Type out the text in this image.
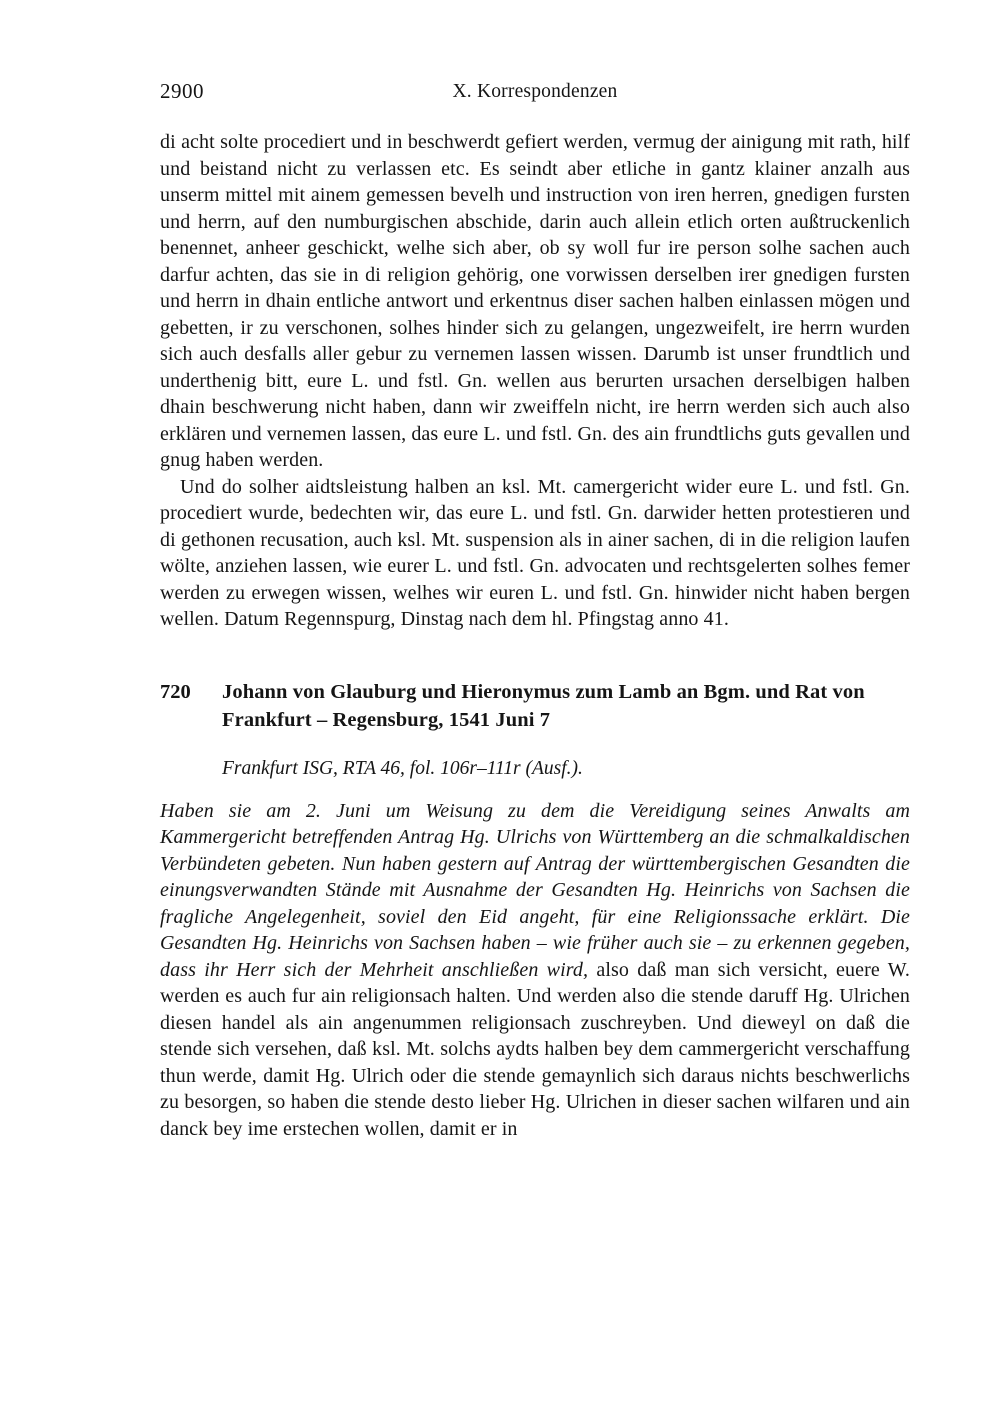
2900	X. Korrespondenzen

di acht solte procediert und in beschwerdt gefiert werden, vermug der ainigung mit rath, hilf und beistand nicht zu verlassen etc. Es seindt aber etliche in gantz klainer anzalh aus unserm mittel mit ainem gemessen bevelh und instruction von iren herren, gnedigen fursten und herrn, auf den numburgischen abschide, darin auch allein etlich orten außtruckenlich benennet, anheer geschickt, welhe sich aber, ob sy woll fur ire person solhe sachen auch darfur achten, das sie in di religion gehörig, one vorwissen derselben irer gnedigen fursten und herrn in dhain entliche antwort und erkentnus diser sachen halben einlassen mögen und gebetten, ir zu verschonen, solhes hinder sich zu gelangen, ungezweifelt, ire herrn wurden sich auch desfalls aller gebur zu vernemen lassen wissen. Darumb ist unser frundtlich und underthenig bitt, eure L. und fstl. Gn. wellen aus berurten ursachen derselbigen halben dhain beschwerung nicht haben, dann wir zweiffeln nicht, ire herrn werden sich auch also erklären und vernemen lassen, das eure L. und fstl. Gn. des ain frundtlichs guts gevallen und gnug haben werden.

Und do solher aidtsleistung halben an ksl. Mt. camergericht wider eure L. und fstl. Gn. procediert wurde, bedechten wir, das eure L. und fstl. Gn. darwider hetten protestieren und di gethonen recusation, auch ksl. Mt. suspension als in ainer sachen, di in die religion laufen wölte, anziehen lassen, wie eurer L. und fstl. Gn. advocaten und rechtsgelerten solhes femer werden zu erwegen wissen, welhes wir euren L. und fstl. Gn. hinwider nicht haben bergen wellen. Datum Regennspurg, Dinstag nach dem hl. Pfingstag anno 41.

720	Johann von Glauburg und Hieronymus zum Lamb an Bgm. und Rat von Frankfurt – Regensburg, 1541 Juni 7

Frankfurt ISG, RTA 46, fol. 106r–111r (Ausf.).

Haben sie am 2. Juni um Weisung zu dem die Vereidigung seines Anwalts am Kammergericht betreffenden Antrag Hg. Ulrichs von Württemberg an die schmalkaldischen Verbündeten gebeten. Nun haben gestern auf Antrag der württembergischen Gesandten die einungsverwandten Stände mit Ausnahme der Gesandten Hg. Heinrichs von Sachsen die fragliche Angelegenheit, soviel den Eid angeht, für eine Religionssache erklärt. Die Gesandten Hg. Heinrichs von Sachsen haben – wie früher auch sie – zu erkennen gegeben, dass ihr Herr sich der Mehrheit anschließen wird, also daß man sich versicht, euere W. werden es auch fur ain religionsach halten. Und werden also die stende daruff Hg. Ulrichen diesen handel als ain angenummen religionsach zuschreyben. Und dieweyl on daß die stende sich versehen, daß ksl. Mt. solchs aydts halben bey dem cammergericht verschaffung thun werde, damit Hg. Ulrich oder die stende gemaynlich sich daraus nichts beschwerlichs zu besorgen, so haben die stende desto lieber Hg. Ulrichen in dieser sachen wilfaren und ain danck bey ime erstechen wollen, damit er in
